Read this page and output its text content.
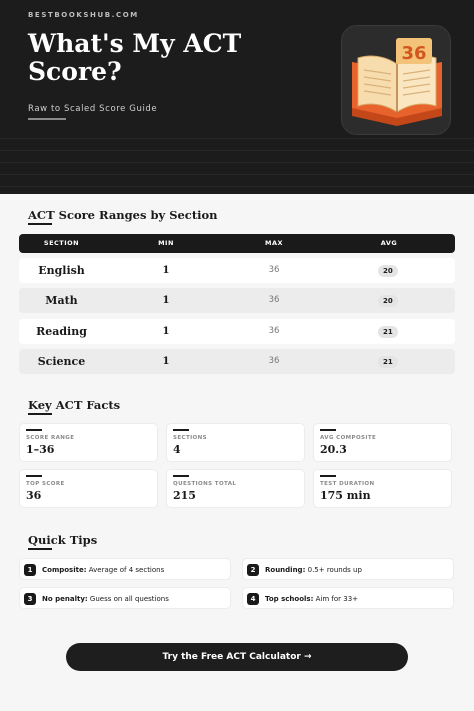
BESTBOOKSHUB.COM
What's My ACT Score?
Raw to Scaled Score Guide
36
ACT Score Ranges by Section
SECTION	MIN	MAX	AVG
English	1	36	20
Math	1	36	20
Reading	1	36	21
Science	1	36	21
Key ACT Facts
SCORE RANGE
1–36
SECTIONS
4
AVG COMPOSITE
20.3
TOP SCORE
36
QUESTIONS TOTAL
215
TEST DURATION
175 min
Quick Tips
1	Composite: Average of 4 sections	2	Rounding: 0.5+ rounds up
3	No penalty: Guess on all questions	4	Top schools: Aim for 33+
Try the Free ACT Calculator →
